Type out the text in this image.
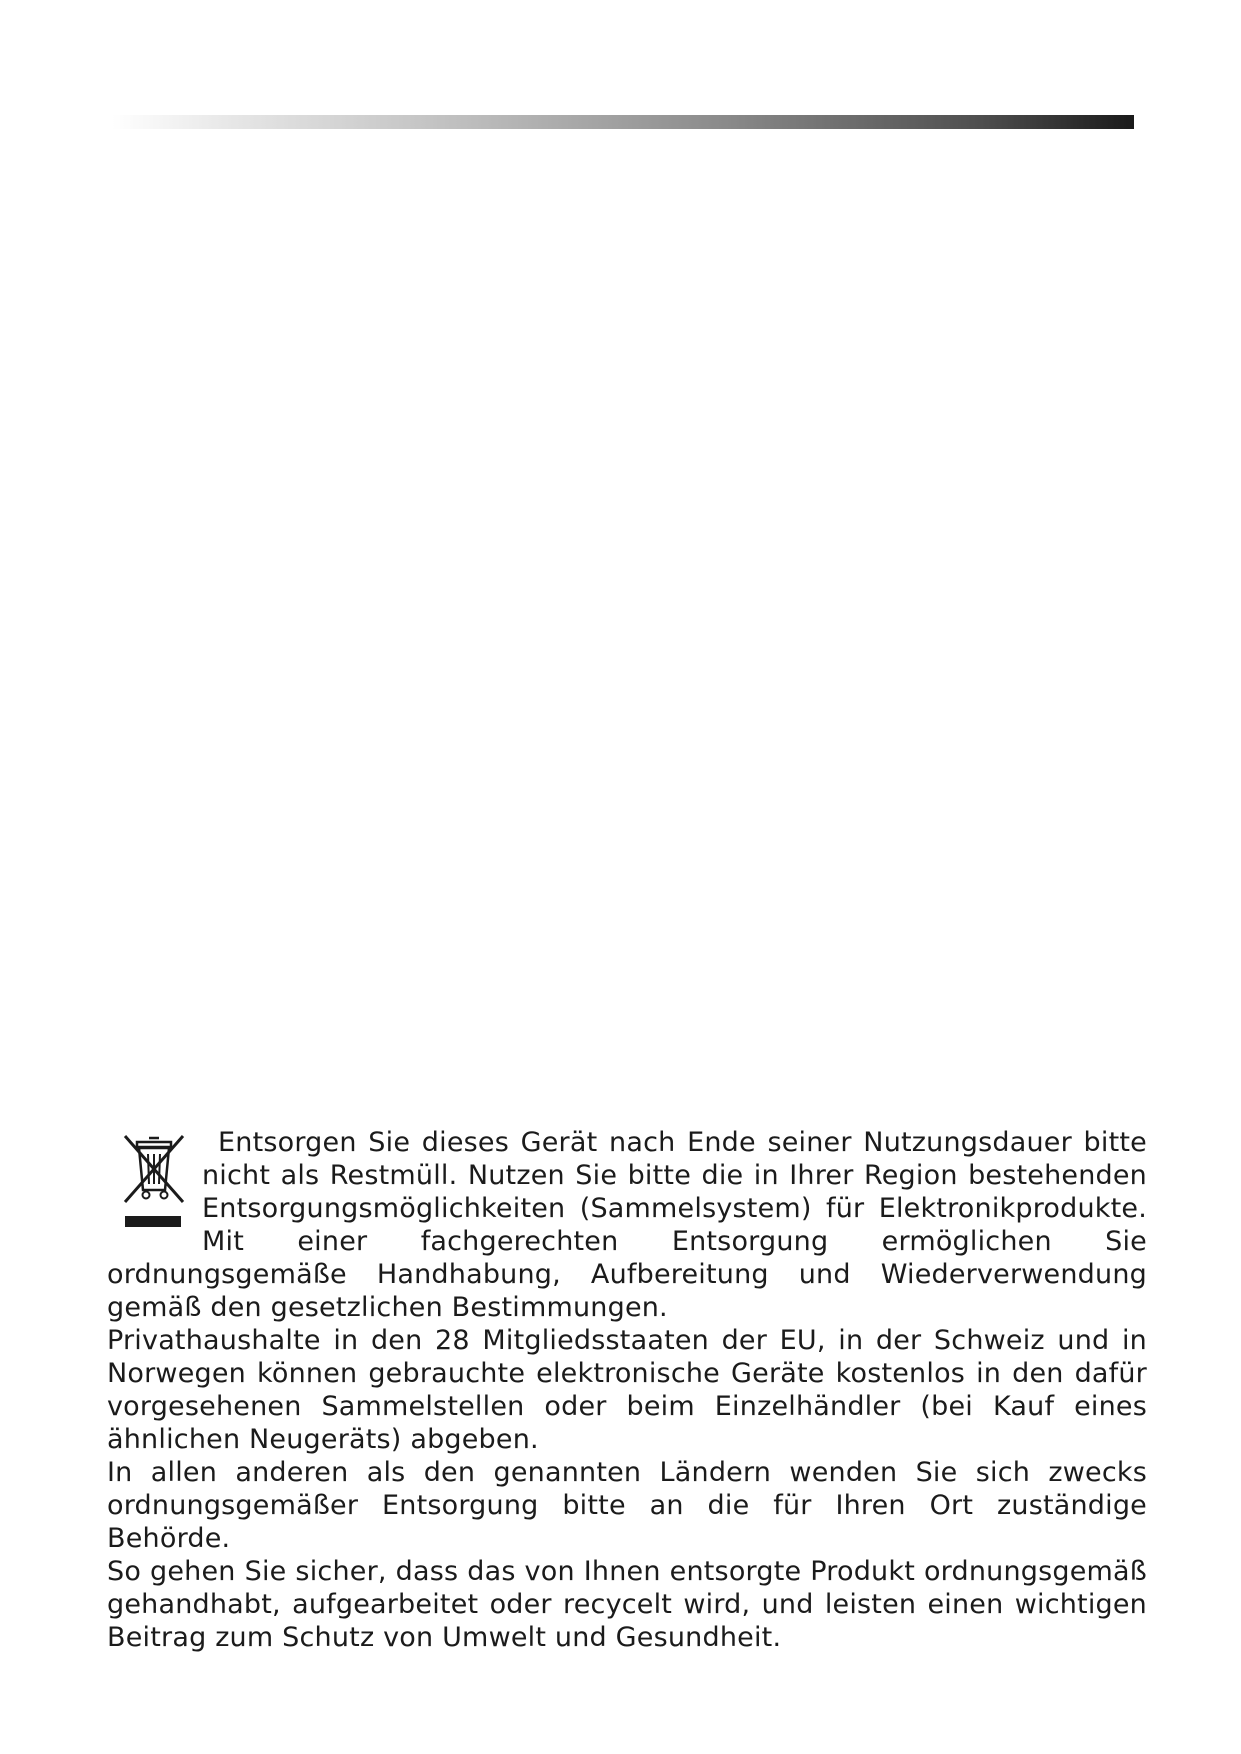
Entsorgen Sie dieses Gerät nach Ende seiner Nutzungsdauer bitte nicht als Restmüll. Nutzen Sie bitte die in Ihrer Region bestehenden Entsorgungsmöglichkeiten (Sammelsystem) für Elektronikprodukte. Mit einer fachgerechten Entsorgung ermöglichen Sie ordnungsgemäße Handhabung, Aufbereitung und Wiederverwendung gemäß den gesetzlichen Bestimmungen.

Privathaushalte in den 28 Mitgliedsstaaten der EU, in der Schweiz und in Norwegen können gebrauchte elektronische Geräte kostenlos in den dafür vorgesehenen Sammelstellen oder beim Einzelhändler (bei Kauf eines ähnlichen Neugeräts) abgeben.

In allen anderen als den genannten Ländern wenden Sie sich zwecks ordnungsgemäßer Entsorgung bitte an die für Ihren Ort zuständige Behörde.

So gehen Sie sicher, dass das von Ihnen entsorgte Produkt ordnungsgemäß gehandhabt, aufgearbeitet oder recycelt wird, und leisten einen wichtigen Beitrag zum Schutz von Umwelt und Gesundheit.
